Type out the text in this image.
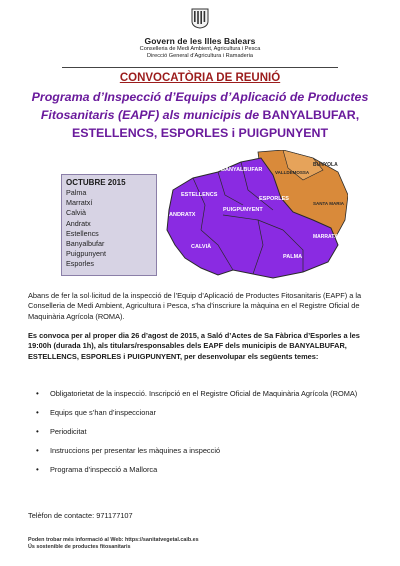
Govern de les Illes Balears
Conselleria de Medi Ambient, Agricultura i Pesca
Direcció General d’Agricultura i Ramaderia
CONVOCATÒRIA DE REUNIÓ
Programa d’Inspecció d’Equips d’Aplicació de Productes
Fitosanitaris (EAPF) als municipis de BANYALBUFAR,
ESTELLENCS, ESPORLES i PUIGPUNYENT
OCTUBRE 2015
Palma
Marratxí
Calvià
Andratx
Estellencs
Banyalbufar
Puigpunyent
Esporles
BANYALBUFAR
ESTELLENCS
ANDRATX
PUIGPUNYENT
ESPORLES
CALVIÀ
PALMA
MARRATXÍ
BUNYOLA
VALLDEMOSSA
SANTA MARIA
Abans de fer la sol·licitud de la inspecció de l’Equip d’Aplicació de Productes Fitosanitaris (EAPF) a la Conselleria de Medi Ambient, Agricultura i Pesca, s’ha d’inscriure la màquina en el Registre Oficial de Maquinària Agrícola (ROMA).
Es convoca per al proper dia 26 d’agost de 2015, a Saló d’Actes de Sa Fàbrica d’Esporles a les 19:00h (durada 1h), als titulars/responsables dels EAPF dels municipis de BANYALBUFAR, ESTELLENCS, ESPORLES i PUIGPUNYENT, per desenvolupar els següents temes:
• Obligatorietat de la inspecció. Inscripció en el Registre Oficial de Maquinària Agrícola (ROMA)
• Equips que s’han d’inspeccionar
• Periodicitat
• Instruccions per presentar les màquines a inspecció
• Programa d’inspecció a Mallorca
Telèfon de contacte: 971177107
Poden trobar més informació al Web: https://sanitatvegetal.caib.es
Ús sostenible de productes fitosanitaris
